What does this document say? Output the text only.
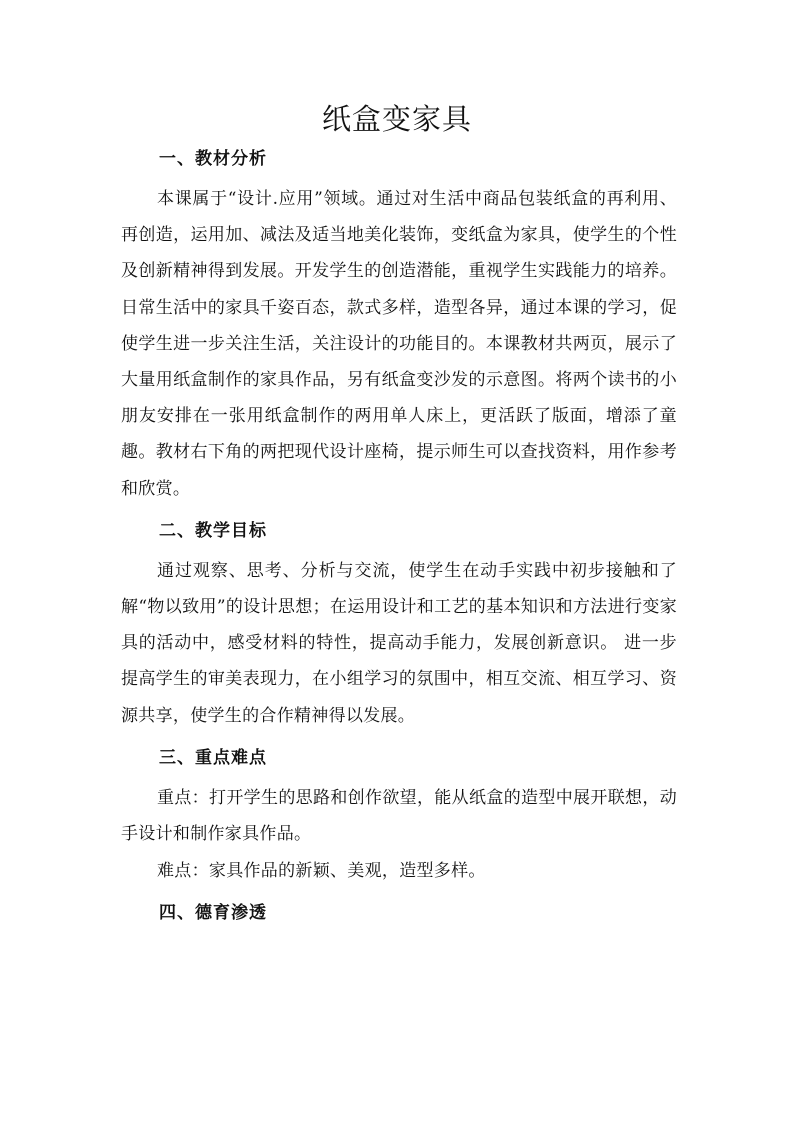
纸盒变家具
一、教材分析

本课属于“设计.应用”领域。通过对生活中商品包装纸盒的再利用、再创造，运用加、减法及适当地美化装饰，变纸盒为家具，使学生的个性及创新精神得到发展。开发学生的创造潜能，重视学生实践能力的培养。日常生活中的家具千姿百态，款式多样，造型各异，通过本课的学习，促使学生进一步关注生活，关注设计的功能目的。本课教材共两页，展示了大量用纸盒制作的家具作品，另有纸盒变沙发的示意图。将两个读书的小朋友安排在一张用纸盒制作的两用单人床上，更活跃了版面，增添了童趣。教材右下角的两把现代设计座椅，提示师生可以查找资料，用作参考和欣赏。

二、教学目标

通过观察、思考、分析与交流，使学生在动手实践中初步接触和了解“物以致用”的设计思想；在运用设计和工艺的基本知识和方法进行变家具的活动中，感受材料的特性，提高动手能力，发展创新意识。 进一步提高学生的审美表现力，在小组学习的氛围中，相互交流、相互学习、资源共享，使学生的合作精神得以发展。

三、重点难点

重点：打开学生的思路和创作欲望，能从纸盒的造型中展开联想，动手设计和制作家具作品。

难点：家具作品的新颖、美观，造型多样。

四、德育渗透
